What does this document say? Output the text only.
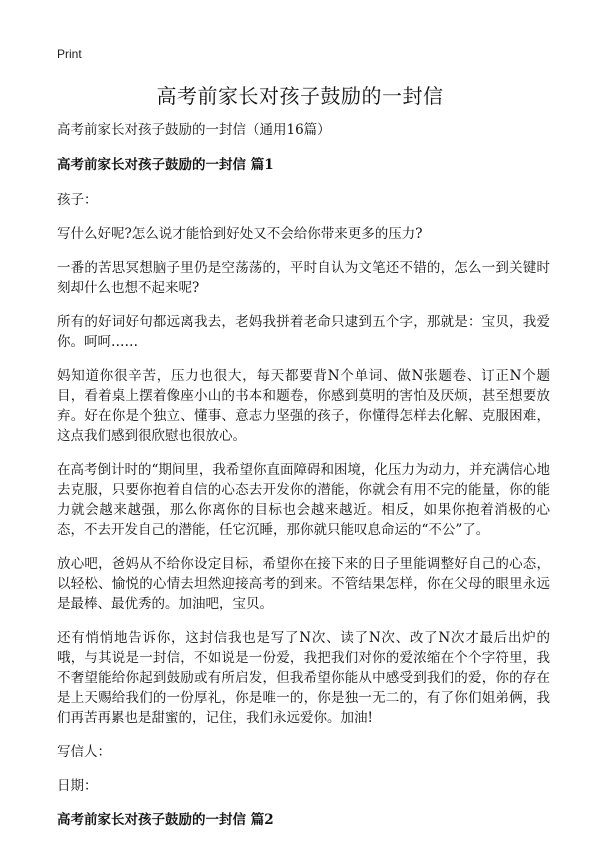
Print
高考前家长对孩子鼓励的一封信

高考前家长对孩子鼓励的一封信（通用16篇）

高考前家长对孩子鼓励的一封信 篇1

孩子：

写什么好呢?怎么说才能恰到好处又不会给你带来更多的压力?

一番的苦思冥想脑子里仍是空荡荡的，平时自认为文笔还不错的，怎么一到关键时刻却什么也想不起来呢?

所有的好词好句都远离我去，老妈我拼着老命只逮到五个字，那就是：宝贝，我爱你。呵呵……

妈知道你很辛苦，压力也很大，每天都要背N个单词、做N张题卷、订正N个题目，看着桌上摆着像座小山的书本和题卷，你感到莫明的害怕及厌烦，甚至想要放弃。好在你是个独立、懂事、意志力坚强的孩子，你懂得怎样去化解、克服困难，这点我们感到很欣慰也很放心。

在高考倒计时的“期间里，我希望你直面障碍和困境，化压力为动力，并充满信心地去克服，只要你抱着自信的心态去开发你的潜能，你就会有用不完的能量，你的能力就会越来越强，那么你离你的目标也会越来越近。相反，如果你抱着消极的心态，不去开发自己的潜能，任它沉睡，那你就只能叹息命运的“不公”了。

放心吧，爸妈从不给你设定目标，希望你在接下来的日子里能调整好自己的心态，以轻松、愉悦的心情去坦然迎接高考的到来。不管结果怎样，你在父母的眼里永远是最棒、最优秀的。加油吧，宝贝。

还有悄悄地告诉你，这封信我也是写了N次、读了N次、改了N次才最后出炉的哦，与其说是一封信，不如说是一份爱，我把我们对你的爱浓缩在个个字符里，我不奢望能给你起到鼓励或有所启发，但我希望你能从中感受到我们的爱，你的存在是上天赐给我们的一份厚礼，你是唯一的，你是独一无二的，有了你们姐弟俩，我们再苦再累也是甜蜜的，记住，我们永远爱你。加油!

写信人：

日期：

高考前家长对孩子鼓励的一封信 篇2
